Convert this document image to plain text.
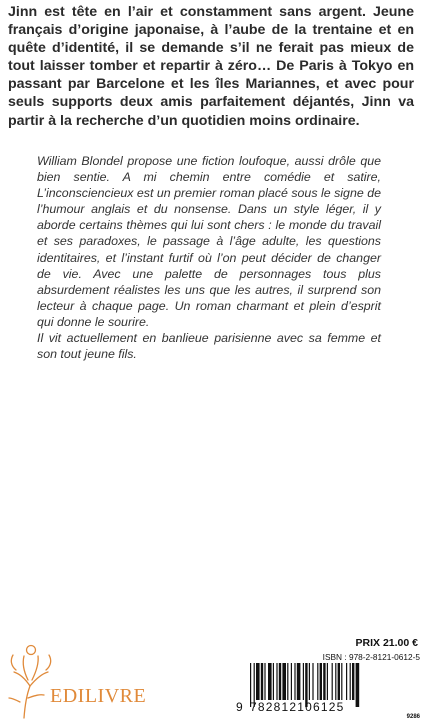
Jinn est tête en l’air et constamment sans argent. Jeune français d’origine japonaise, à l’aube de la trentaine et en quête d’identité, il se demande s’il ne ferait pas mieux de tout laisser tomber et repartir à zéro… De Paris à Tokyo en passant par Barcelone et les îles Mariannes, et avec pour seuls supports deux amis parfaitement déjantés, Jinn va partir à la recherche d’un quotidien moins ordinaire.

William Blondel propose une fiction loufoque, aussi drôle que bien sentie. A mi chemin entre comédie et satire, L’inconsciencieux est un premier roman placé sous le signe de l’humour anglais et du nonsense. Dans un style léger, il y aborde certains thèmes qui lui sont chers : le monde du travail et ses paradoxes, le passage à l’âge adulte, les questions identitaires, et l’instant furtif où l’on peut décider de changer de vie. Avec une palette de personnages tous plus absurdement réalistes les uns que les autres, il surprend son lecteur à chaque page. Un roman charmant et plein d’esprit qui donne le sourire.

Il vit actuellement en banlieue parisienne avec sa femme et son tout jeune fils.

EDILIVRE
PRIX 21.00 €
ISBN : 978-2-8121-0612-5
9 782812106125
9286
